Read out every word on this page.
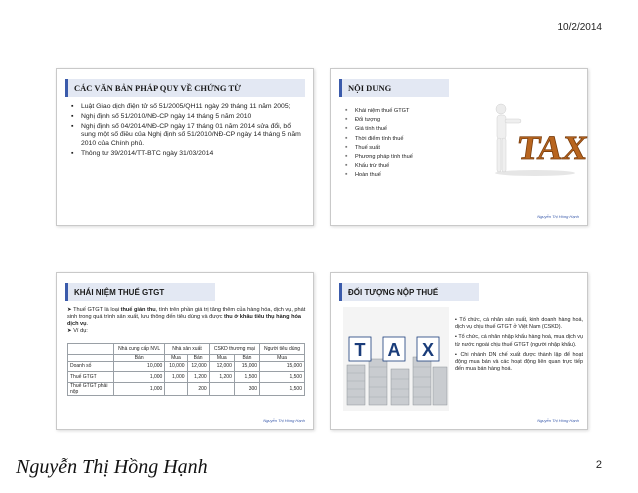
10/2/2014
CÁC VĂN BẢN PHÁP QUY VỀ CHỨNG TỪ
▪ Luật Giao dịch điện tử số 51/2005/QH11 ngày 29 tháng 11 năm 2005;
▪ Nghị định số 51/2010/NĐ-CP ngày 14 tháng 5 năm 2010
▪ Nghị định số 04/2014/NĐ-CP ngày 17 tháng 01 năm 2014 sửa đổi, bổ sung một số điều của Nghị định số 51/2010/NĐ-CP ngày 14 tháng 5 năm 2010 của Chính phủ.
▪ Thông tư 39/2014/TT-BTC ngày 31/03/2014
NỘI DUNG
▪ Khái niệm thuế GTGT
▪ Đối tượng
▪ Giá tính thuế
▪ Thời điểm tính thuế
▪ Thuế suất
▪ Phương pháp tính thuế
▪ Khấu trừ thuế
▪ Hoàn thuế
TAX
Nguyễn Thị Hồng Hạnh
KHÁI NIỆM THUẾ GTGT
➤ Thuế GTGT là loại thuế gián thu, tính trên phần giá trị tăng thêm của hàng hóa, dịch vụ, phát sinh trong quá trình sản xuất, lưu thông đến tiêu dùng và được thu ở khâu tiêu thụ hàng hóa dịch vụ.
➤ Ví dụ:
	Nhà cung cấp NVL	Nhà sản xuất		CSKD thương mại		Người tiêu dùng
	Bán	Mua	Bán	Mua	Bán	Mua
Doanh số	10,000	10,000	12,000	12,000	15,000	15,000
Thuế GTGT	1,000	1,000	1,200	1,200	1,500	1,500
Thuế GTGT phải nộp	1,000		200		300	1,500
Nguyễn Thị Hồng Hạnh
ĐỐI TƯỢNG NỘP THUẾ
T A X

▪ Tổ chức, cá nhân sản xuất, kinh doanh hàng hoá, dịch vụ chịu thuế GTGT ở Việt Nam (CSKD).

▪ Tổ chức, cá nhân nhập khẩu hàng hoá, mua dịch vụ từ nước ngoài chịu thuế GTGT (người nhập khẩu).

▪ Chi nhánh DN chế xuất được thành lập để hoạt động mua bán và các hoạt động liên quan trực tiếp đến mua bán hàng hoá.

Nguyễn Thị Hồng Hạnh
Nguyễn Thị Hồng Hạnh	2
